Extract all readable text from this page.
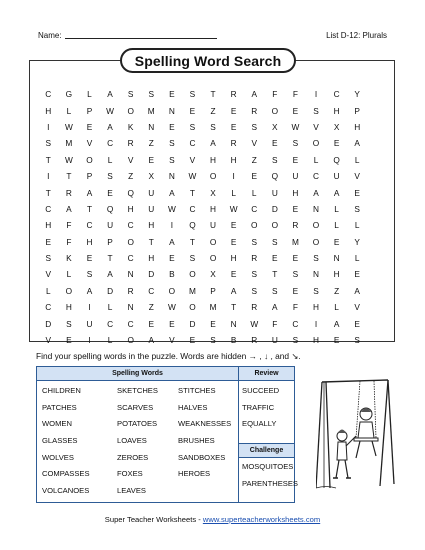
Name:	List D-12: Plurals
Spelling Word Search
C	G	L	A	S	S	E	S	T	R	A	F	F	I	C	Y
H	L	P	W	O	M	N	E	Z	E	R	O	E	S	H	P
I	W	E	A	K	N	E	S	S	E	S	X	W	V	X	H
S	M	V	C	R	Z	S	C	A	R	V	E	S	O	E	A
T	W	O	L	V	E	S	V	H	H	Z	S	E	L	Q	L
I	T	P	S	Z	X	N	W	O	I	E	Q	U	C	U	V
T	R	A	E	Q	U	A	T	X	L	L	U	H	A	A	E
C	A	T	Q	H	U	W	C	H	W	C	D	E	N	L	S
H	F	C	U	C	H	I	Q	U	E	O	O	R	O	L	L
E	F	H	P	O	T	A	T	O	E	S	S	M	O	E	Y
S	K	E	T	C	H	E	S	O	H	R	E	E	S	N	L
V	L	S	A	N	D	B	O	X	E	S	T	S	N	H	E
L	O	A	D	R	C	O	M	P	A	S	S	E	S	Z	A
C	H	I	L	N	Z	W	O	M	T	R	A	F	H	L	V
D	S	U	C	C	E	E	D	E	N	W	F	C	I	A	E
V	E	I	L	O	A	V	E	S	B	R	U	S	H	E	S
Find your spelling words in the puzzle. Words are hidden → , ↓ , and ↘.
Spelling Words	Review
Challenge
CHILDREN
PATCHES
WOMEN
GLASSES
WOLVES
COMPASSES
VOLCANOES
SKETCHES
SCARVES
POTATOES
LOAVES
ZEROES
FOXES
LEAVES
STITCHES
HALVES
WEAKNESSES
BRUSHES
SANDBOXES
HEROES
SUCCEED
TRAFFIC
EQUALLY
MOSQUITOES
PARENTHESES
Super Teacher Worksheets - www.superteacherworksheets.com
